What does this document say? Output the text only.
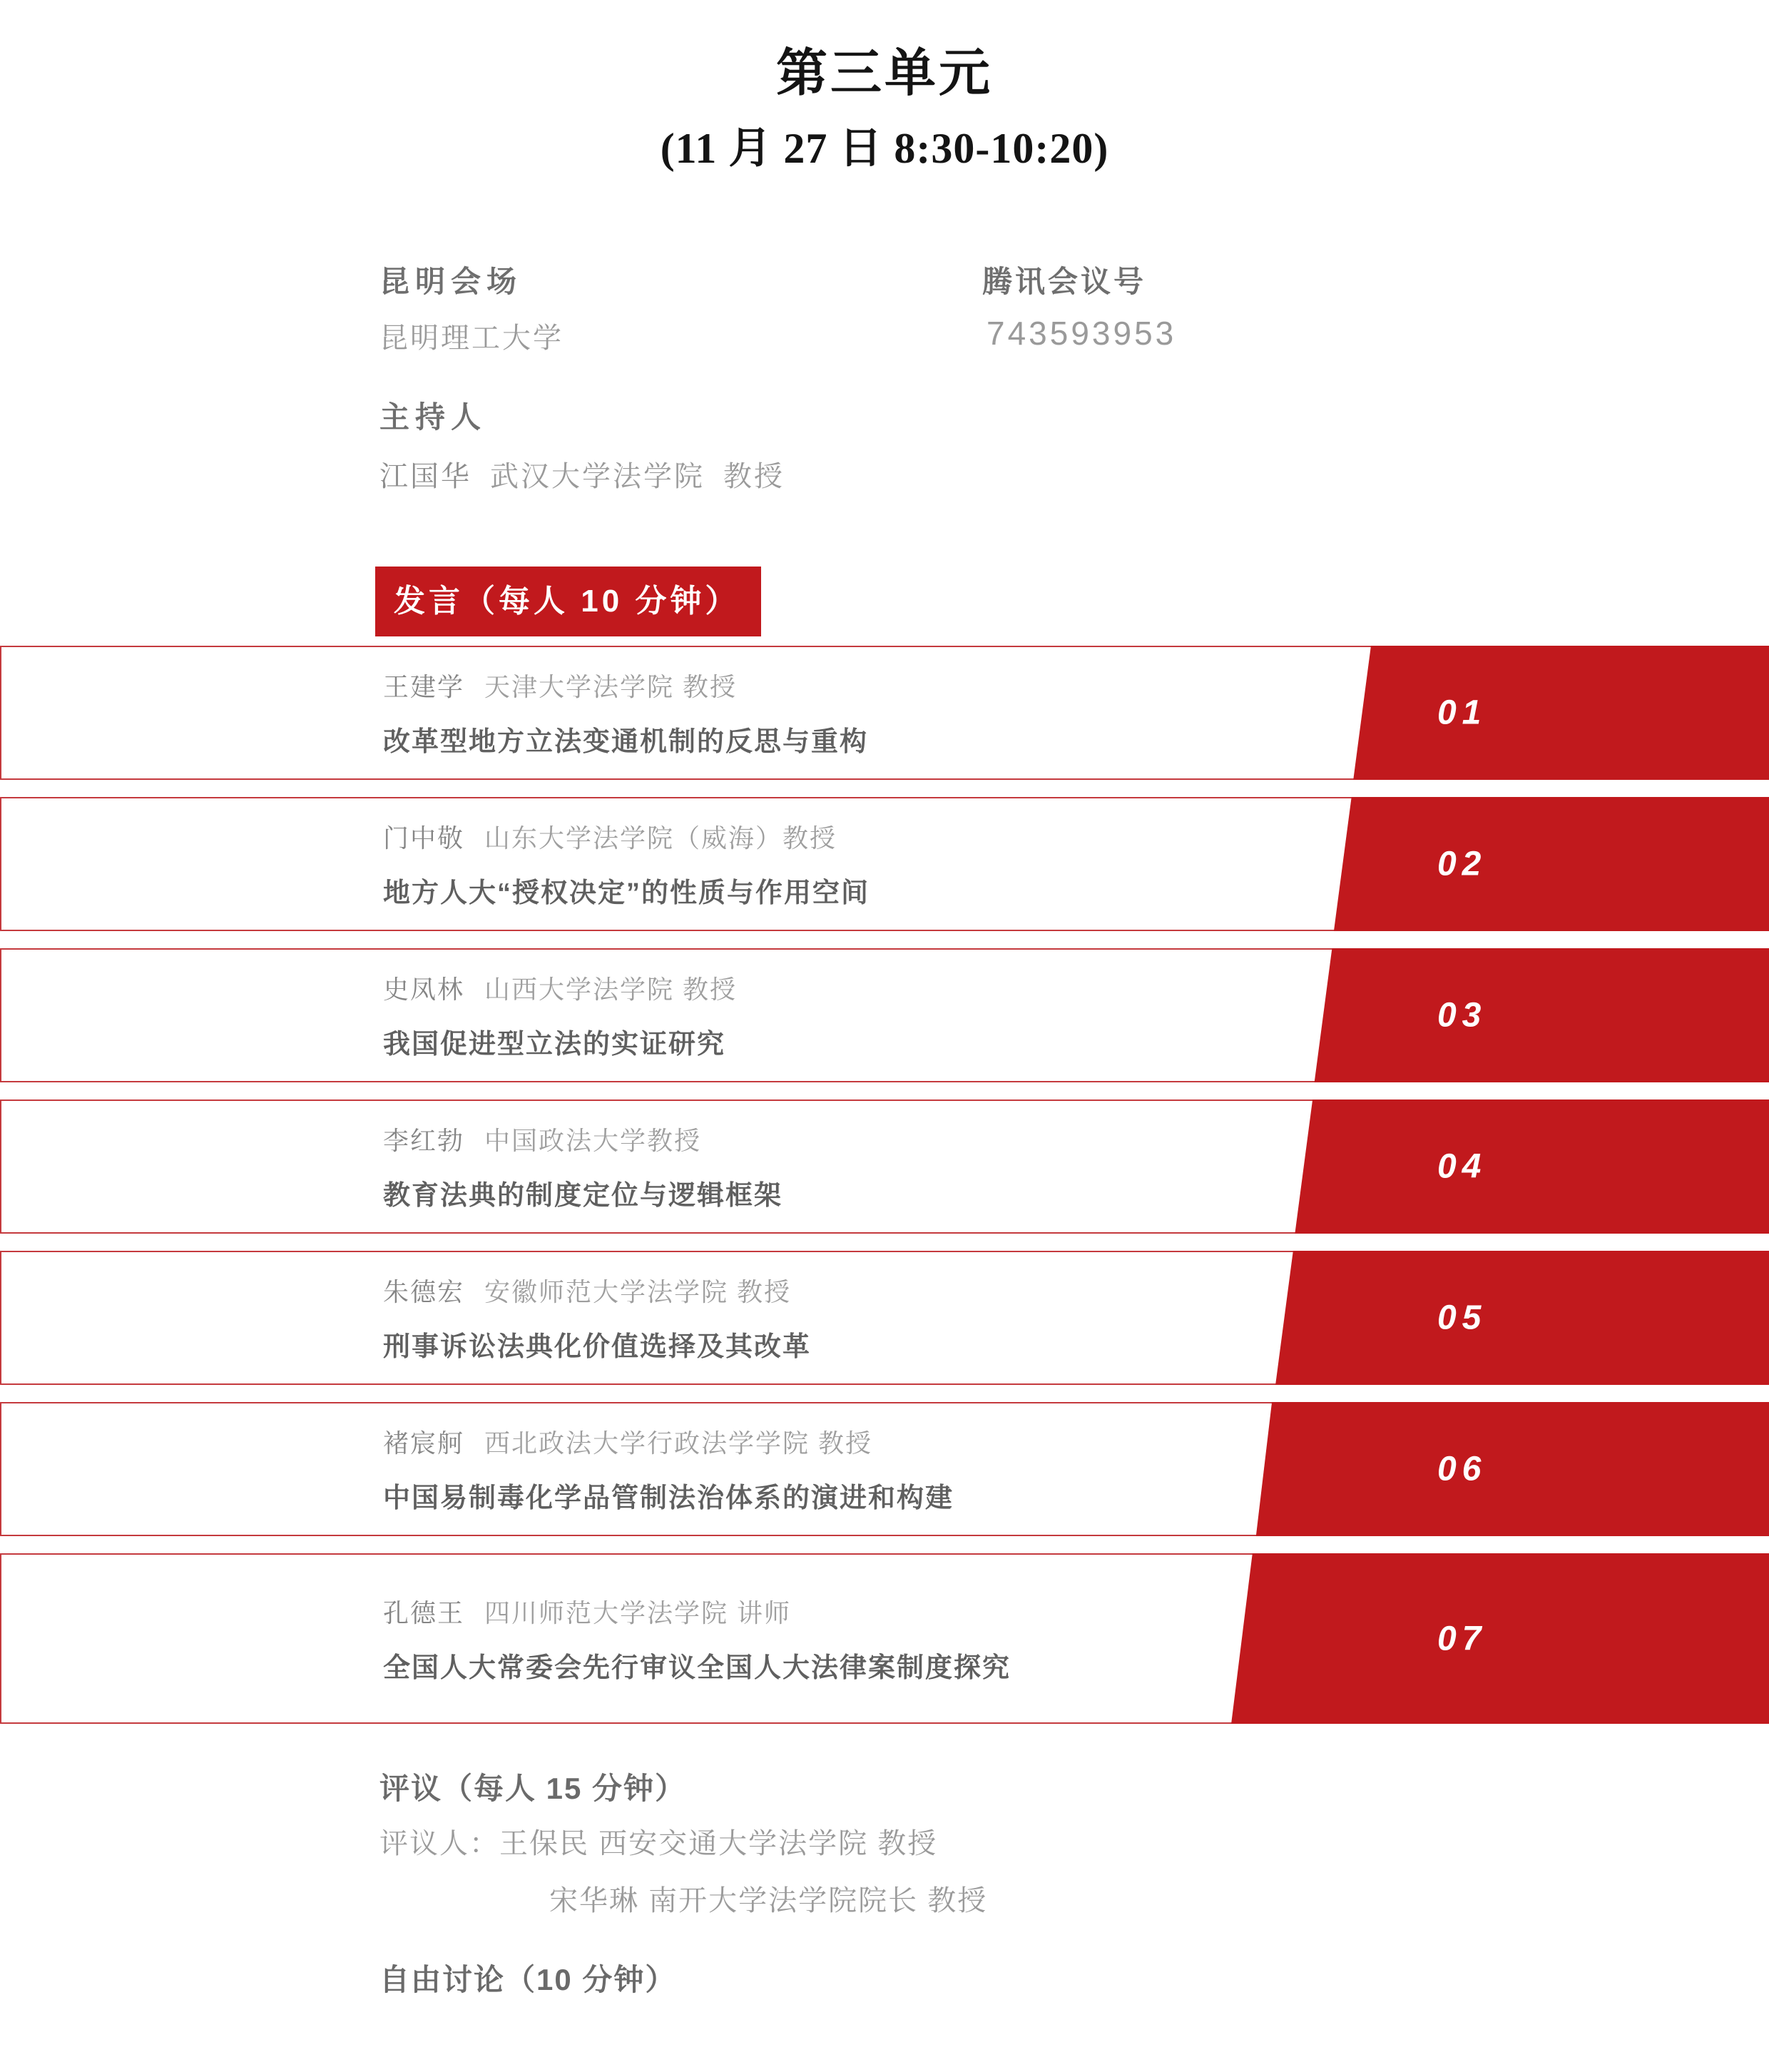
第三单元
(11 月 27 日 8:30-10:20)
昆明会场
昆明理工大学
腾讯会议号
743593953
主持人
江国华 武汉大学法学院 教授
发言（每人 10 分钟）
01
王建学 天津大学法学院 教授
改革型地方立法变通机制的反思与重构
02
门中敬 山东大学法学院（威海）教授
地方人大“授权决定”的性质与作用空间
03
史凤林 山西大学法学院 教授
我国促进型立法的实证研究
04
李红勃 中国政法大学教授
教育法典的制度定位与逻辑框架
05
朱德宏 安徽师范大学法学院 教授
刑事诉讼法典化价值选择及其改革
06
褚宸舸 西北政法大学行政法学学院 教授
中国易制毒化学品管制法治体系的演进和构建
07
孔德王 四川师范大学法学院 讲师
全国人大常委会先行审议全国人大法律案制度探究
评议（每人 15 分钟）
评议人：王保民 西安交通大学法学院 教授
宋华琳 南开大学法学院院长 教授
自由讨论（10 分钟）
